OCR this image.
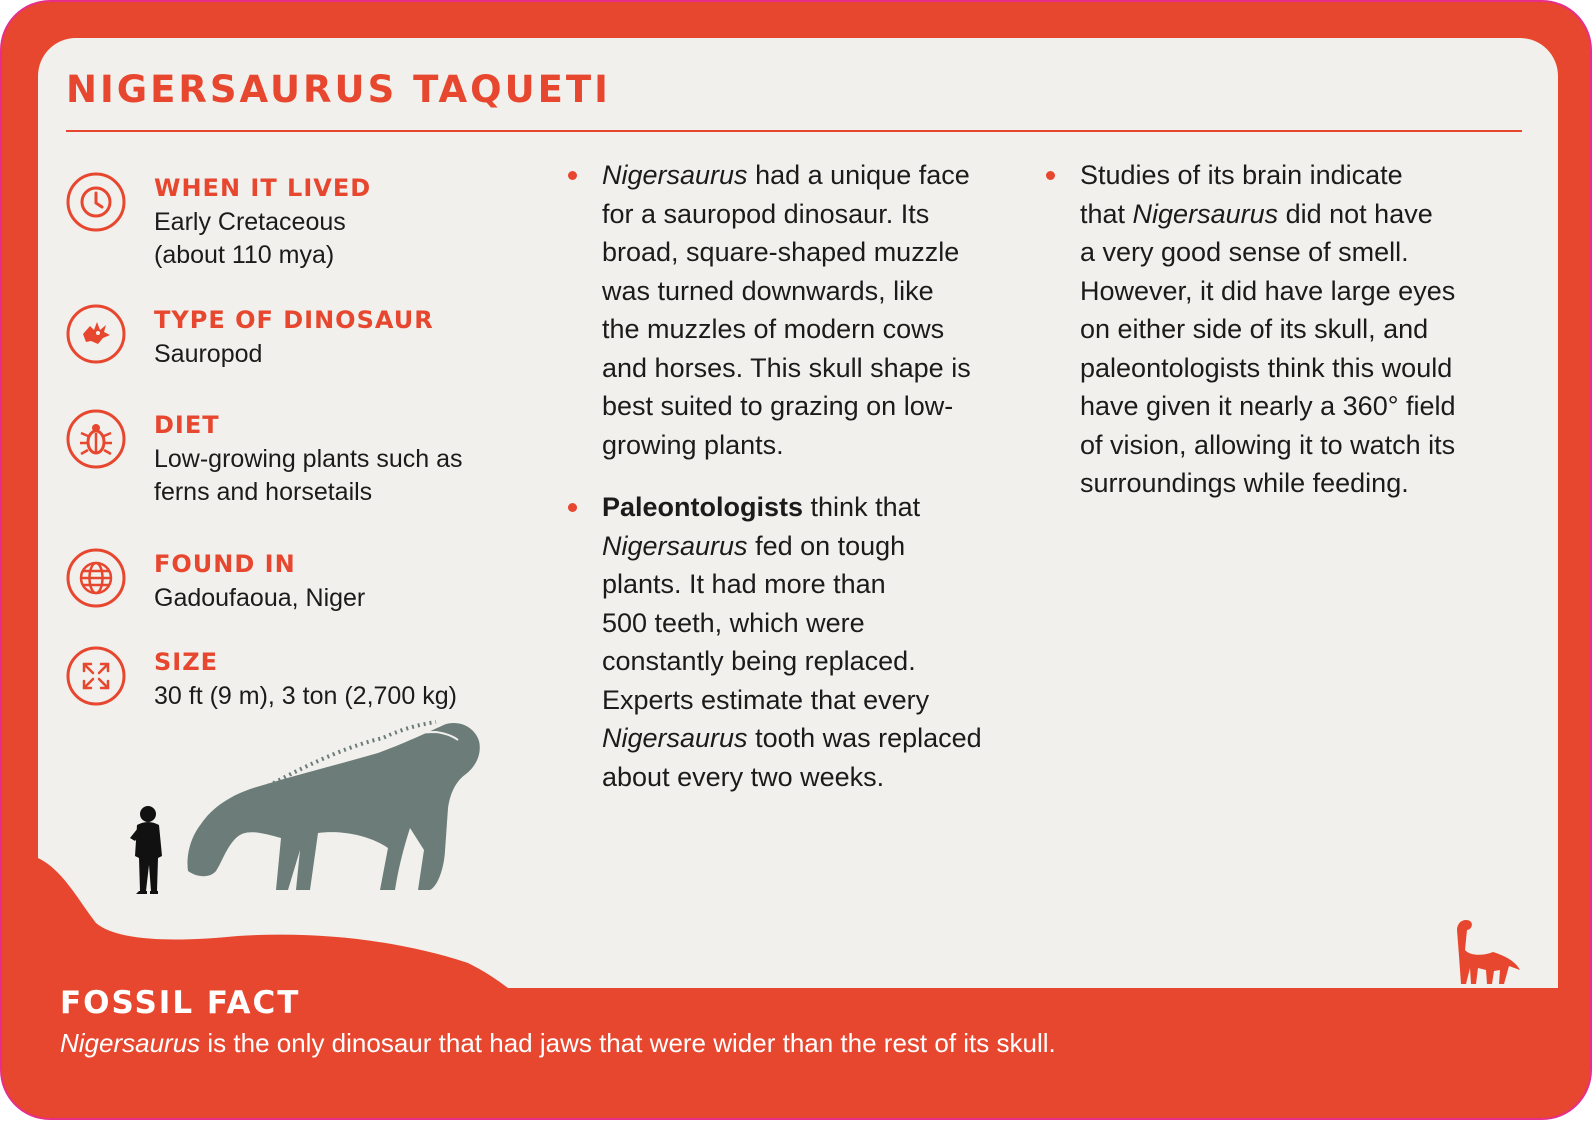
NIGERSAURUS TAQUETI
WHEN IT LIVED
Early Cretaceous
(about 110 mya)
TYPE OF DINOSAUR
Sauropod
DIET
Low-growing plants such as
ferns and horsetails
FOUND IN
Gadoufaoua, Niger
SIZE
30 ft (9 m), 3 ton (2,700 kg)
Nigersaurus had a unique face
for a sauropod dinosaur. Its
broad, square-shaped muzzle
was turned downwards, like
the muzzles of modern cows
and horses. This skull shape is
best suited to grazing on low-
growing plants.
Paleontologists think that
Nigersaurus fed on tough
plants. It had more than
500 teeth, which were
constantly being replaced.
Experts estimate that every
Nigersaurus tooth was replaced
about every two weeks.
Studies of its brain indicate
that Nigersaurus did not have
a very good sense of smell.
However, it did have large eyes
on either side of its skull, and
paleontologists think this would
have given it nearly a 360° field
of vision, allowing it to watch its
surroundings while feeding.
FOSSIL FACT
Nigersaurus is the only dinosaur that had jaws that were wider than the rest of its skull.
